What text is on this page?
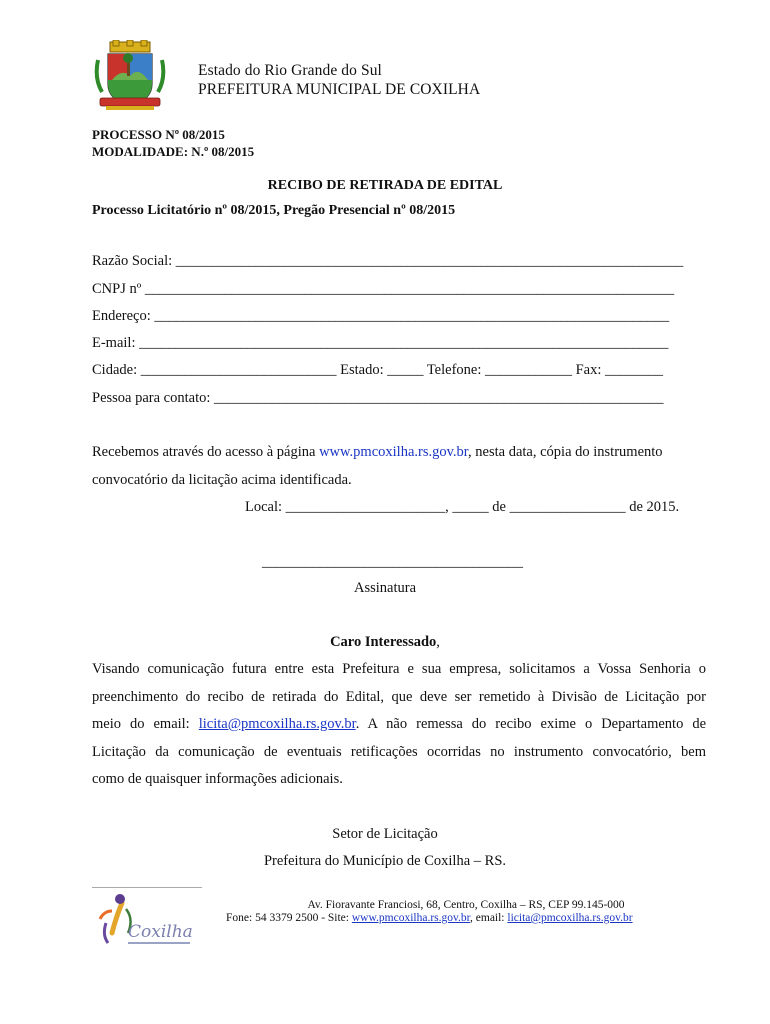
Estado do Rio Grande do Sul
PREFEITURA MUNICIPAL DE COXILHA
PROCESSO Nº 08/2015
MODALIDADE: N.º 08/2015
RECIBO DE RETIRADA DE EDITAL
Processo Licitatório nº 08/2015, Pregão Presencial nº 08/2015
Razão Social: ______________________________________________________________________
CNPJ nº _________________________________________________________________________
Endereço: _______________________________________________________________________
E-mail: _________________________________________________________________________
Cidade: ___________________________ Estado: _____ Telefone: ____________ Fax: ________
Pessoa para contato: ______________________________________________________________
Recebemos através do acesso à página www.pmcoxilha.rs.gov.br, nesta data, cópia do instrumento
convocatório da licitação acima identificada.
Local: ______________________, _____ de ________________ de 2015.
____________________________________
Assinatura
Caro Interessado,
Visando comunicação futura entre esta Prefeitura e sua empresa, solicitamos a Vossa Senhoria o
preenchimento do recibo de retirada do Edital, que deve ser remetido à Divisão de Licitação por
meio do email: licita@pmcoxilha.rs.gov.br. A não remessa do recibo exime o Departamento de
Licitação da comunicação de eventuais retificações ocorridas no instrumento convocatório, bem
como de quaisquer informações adicionais.
Setor de Licitação
Prefeitura do Município de Coxilha – RS.
Coxilha
Av. Fioravante Franciosi, 68, Centro, Coxilha – RS, CEP 99.145-000
Fone: 54 3379 2500 - Site: www.pmcoxilha.rs.gov.br, email: licita@pmcoxilha.rs.gov.br
